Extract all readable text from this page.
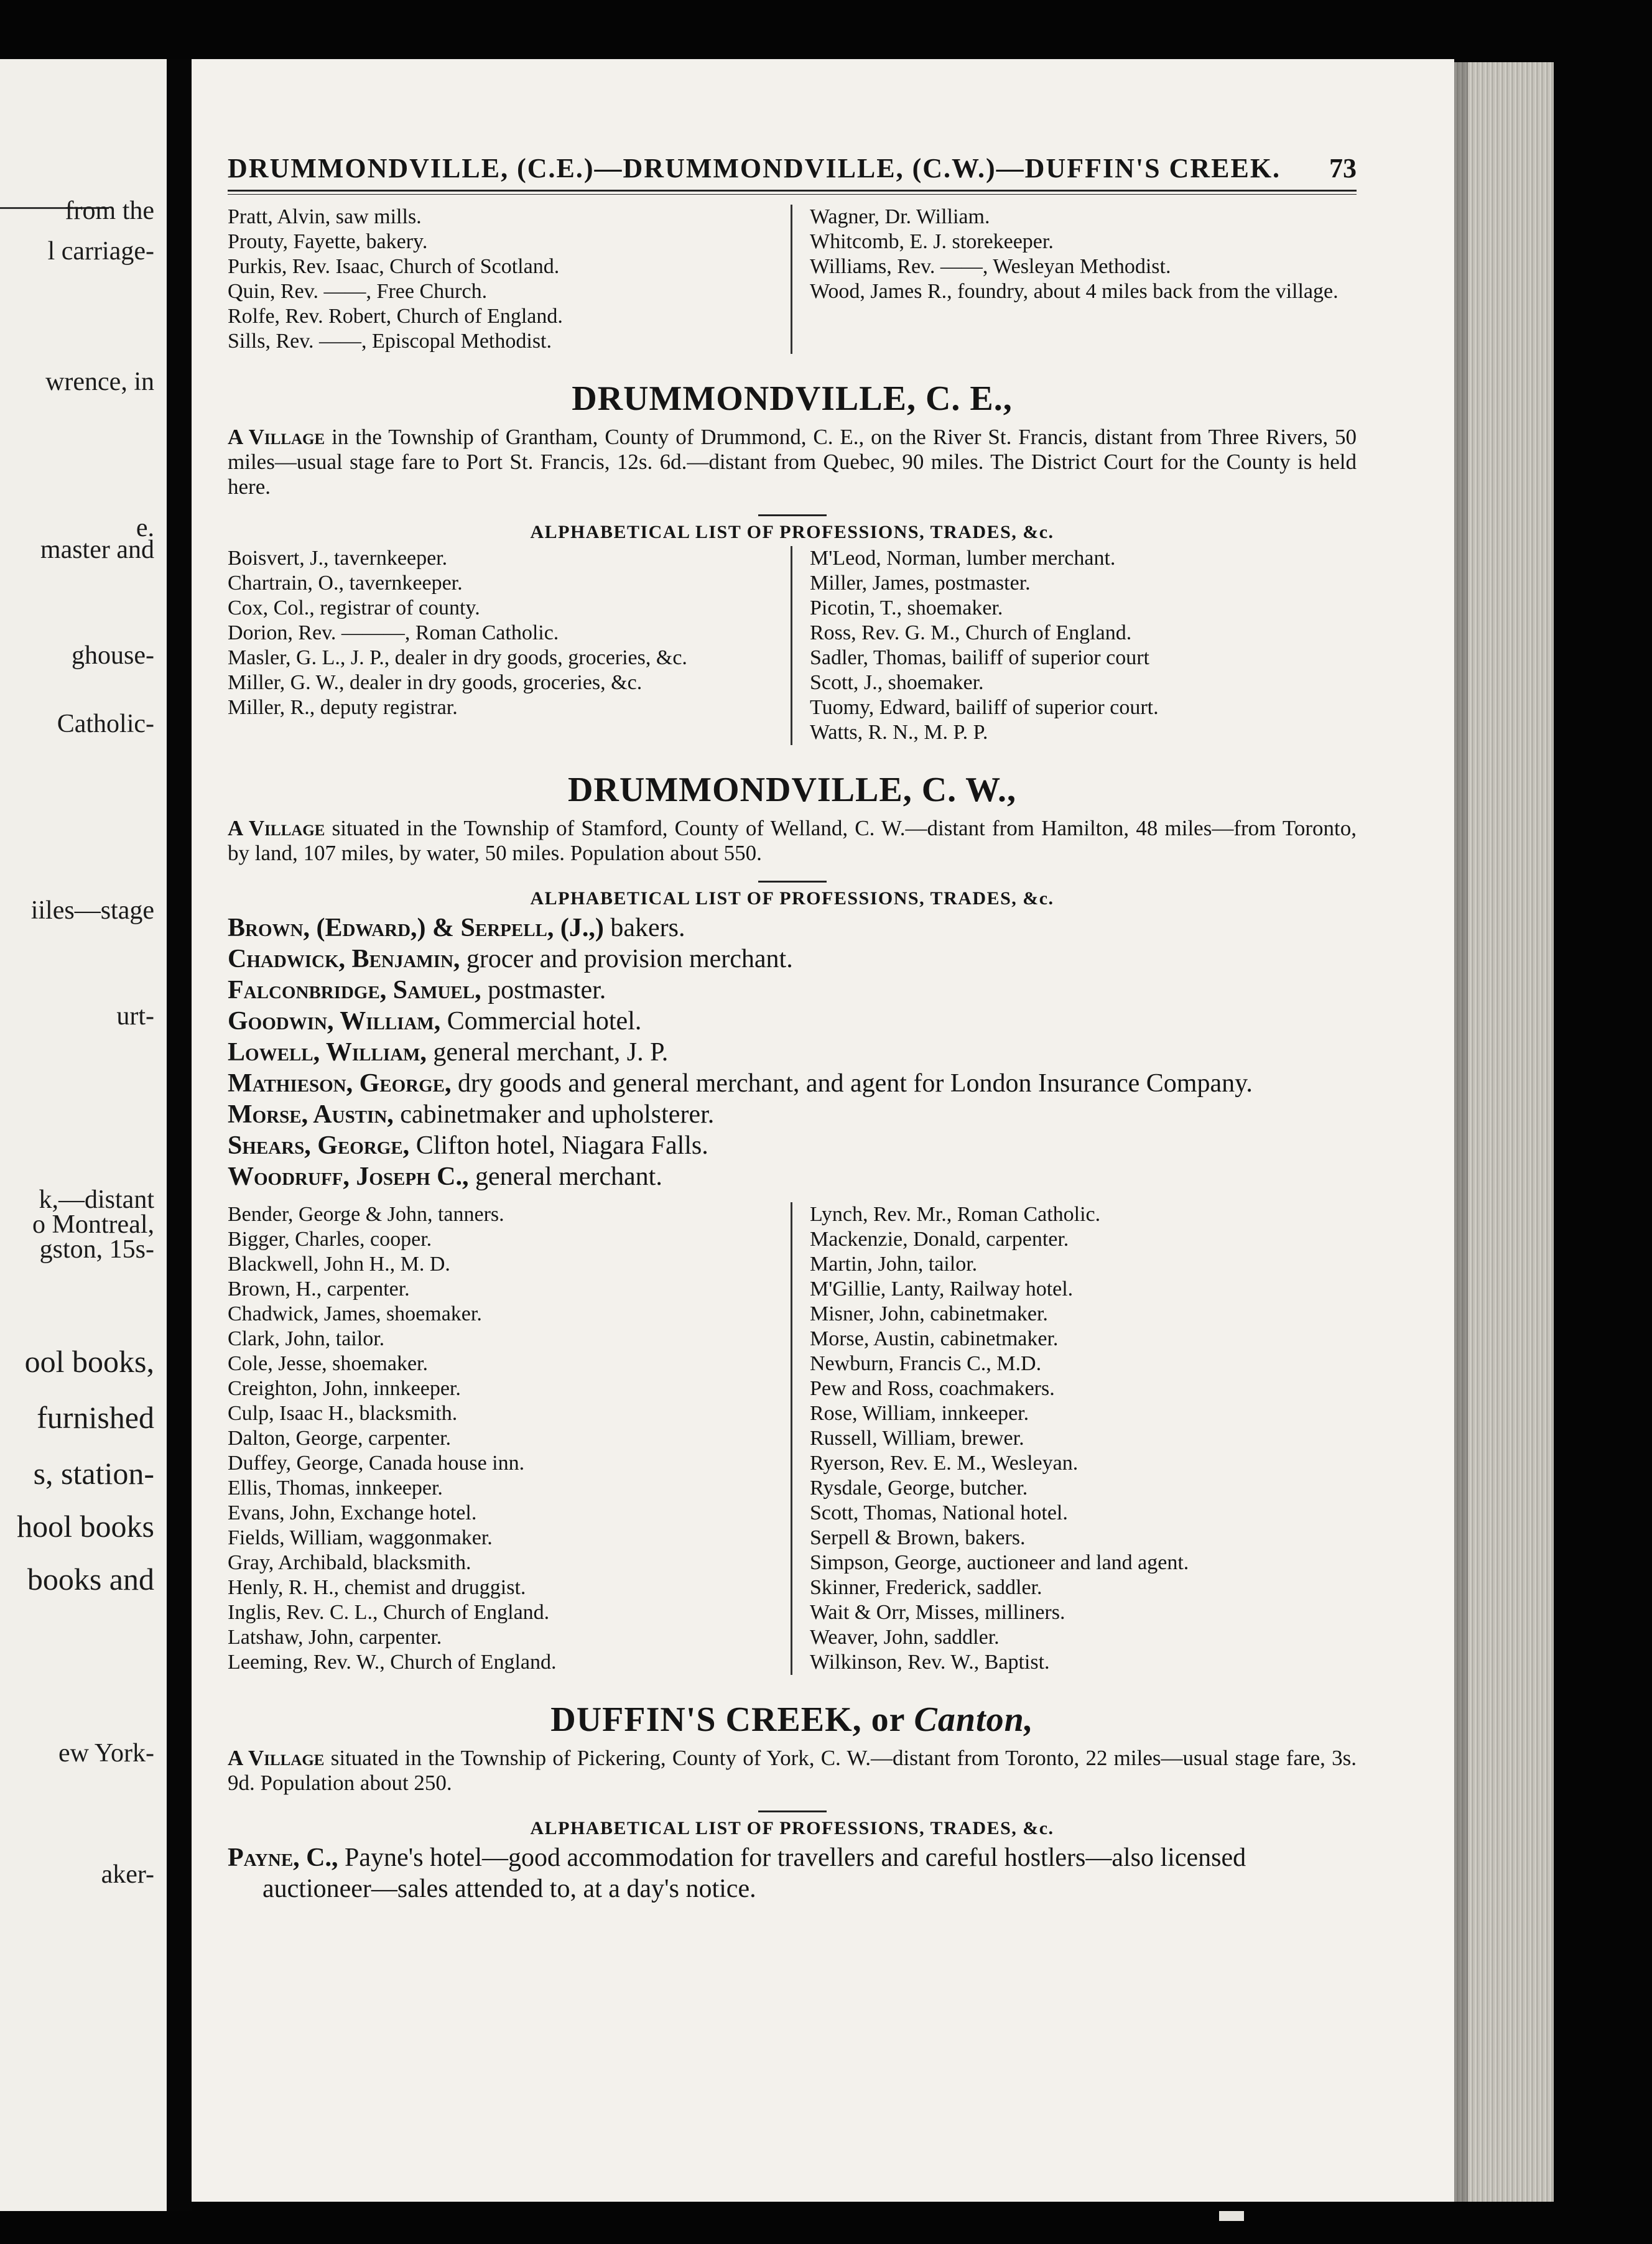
from the
l carriage-
wrence, in
e.
master and
ghouse-
Catholic-
iiles—stage
urt-
k,—distant
o Montreal,
gston, 15s-
ool books,
furnished
s, station-
hool books
books and
ew York-
aker-
DRUMMONDVILLE, (C.E.)—DRUMMONDVILLE, (C.W.)—DUFFIN'S CREEK. 73
Pratt, Alvin, saw mills.
Prouty, Fayette, bakery.
Purkis, Rev. Isaac, Church of Scotland.
Quin, Rev. ——, Free Church.
Rolfe, Rev. Robert, Church of England.
Sills, Rev. ——, Episcopal Methodist.
Wagner, Dr. William.
Whitcomb, E. J. storekeeper.
Williams, Rev. ——, Wesleyan Methodist.
Wood, James R., foundry, about 4 miles back from the village.
DRUMMONDVILLE, C. E.,
A Village in the Township of Grantham, County of Drummond, C. E., on the River St. Francis, distant from Three Rivers, 50 miles—usual stage fare to Port St. Francis, 12s. 6d.—distant from Quebec, 90 miles. The District Court for the County is held here.
ALPHABETICAL LIST OF PROFESSIONS, TRADES, &c.
Boisvert, J., tavernkeeper.
Chartrain, O., tavernkeeper.
Cox, Col., registrar of county.
Dorion, Rev. ———, Roman Catholic.
Masler, G. L., J. P., dealer in dry goods, groceries, &c.
Miller, G. W., dealer in dry goods, groceries, &c.
Miller, R., deputy registrar.
M'Leod, Norman, lumber merchant.
Miller, James, postmaster.
Picotin, T., shoemaker.
Ross, Rev. G. M., Church of England.
Sadler, Thomas, bailiff of superior court
Scott, J., shoemaker.
Tuomy, Edward, bailiff of superior court.
Watts, R. N., M. P. P.
DRUMMONDVILLE, C. W.,
A Village situated in the Township of Stamford, County of Welland, C. W.—distant from Hamilton, 48 miles—from Toronto, by land, 107 miles, by water, 50 miles. Population about 550.
ALPHABETICAL LIST OF PROFESSIONS, TRADES, &c.
Brown, (Edward,) & Serpell, (J.,) bakers.
Chadwick, Benjamin, grocer and provision merchant.
Falconbridge, Samuel, postmaster.
Goodwin, William, Commercial hotel.
Lowell, William, general merchant, J. P.
Mathieson, George, dry goods and general merchant, and agent for London Insurance Company.
Morse, Austin, cabinetmaker and upholsterer.
Shears, George, Clifton hotel, Niagara Falls.
Woodruff, Joseph C., general merchant.
Bender, George & John, tanners.
Bigger, Charles, cooper.
Blackwell, John H., M. D.
Brown, H., carpenter.
Chadwick, James, shoemaker.
Clark, John, tailor.
Cole, Jesse, shoemaker.
Creighton, John, innkeeper.
Culp, Isaac H., blacksmith.
Dalton, George, carpenter.
Duffey, George, Canada house inn.
Ellis, Thomas, innkeeper.
Evans, John, Exchange hotel.
Fields, William, waggonmaker.
Gray, Archibald, blacksmith.
Henly, R. H., chemist and druggist.
Inglis, Rev. C. L., Church of England.
Latshaw, John, carpenter.
Leeming, Rev. W., Church of England.
Lynch, Rev. Mr., Roman Catholic.
Mackenzie, Donald, carpenter.
Martin, John, tailor.
M'Gillie, Lanty, Railway hotel.
Misner, John, cabinetmaker.
Morse, Austin, cabinetmaker.
Newburn, Francis C., M.D.
Pew and Ross, coachmakers.
Rose, William, innkeeper.
Russell, William, brewer.
Ryerson, Rev. E. M., Wesleyan.
Rysdale, George, butcher.
Scott, Thomas, National hotel.
Serpell & Brown, bakers.
Simpson, George, auctioneer and land agent.
Skinner, Frederick, saddler.
Wait & Orr, Misses, milliners.
Weaver, John, saddler.
Wilkinson, Rev. W., Baptist.
DUFFIN'S CREEK, or Canton,
A Village situated in the Township of Pickering, County of York, C. W.—distant from Toronto, 22 miles—usual stage fare, 3s. 9d. Population about 250.
ALPHABETICAL LIST OF PROFESSIONS, TRADES, &c.
Payne, C., Payne's hotel—good accommodation for travellers and careful hostlers—also licensed auctioneer—sales attended to, at a day's notice.
